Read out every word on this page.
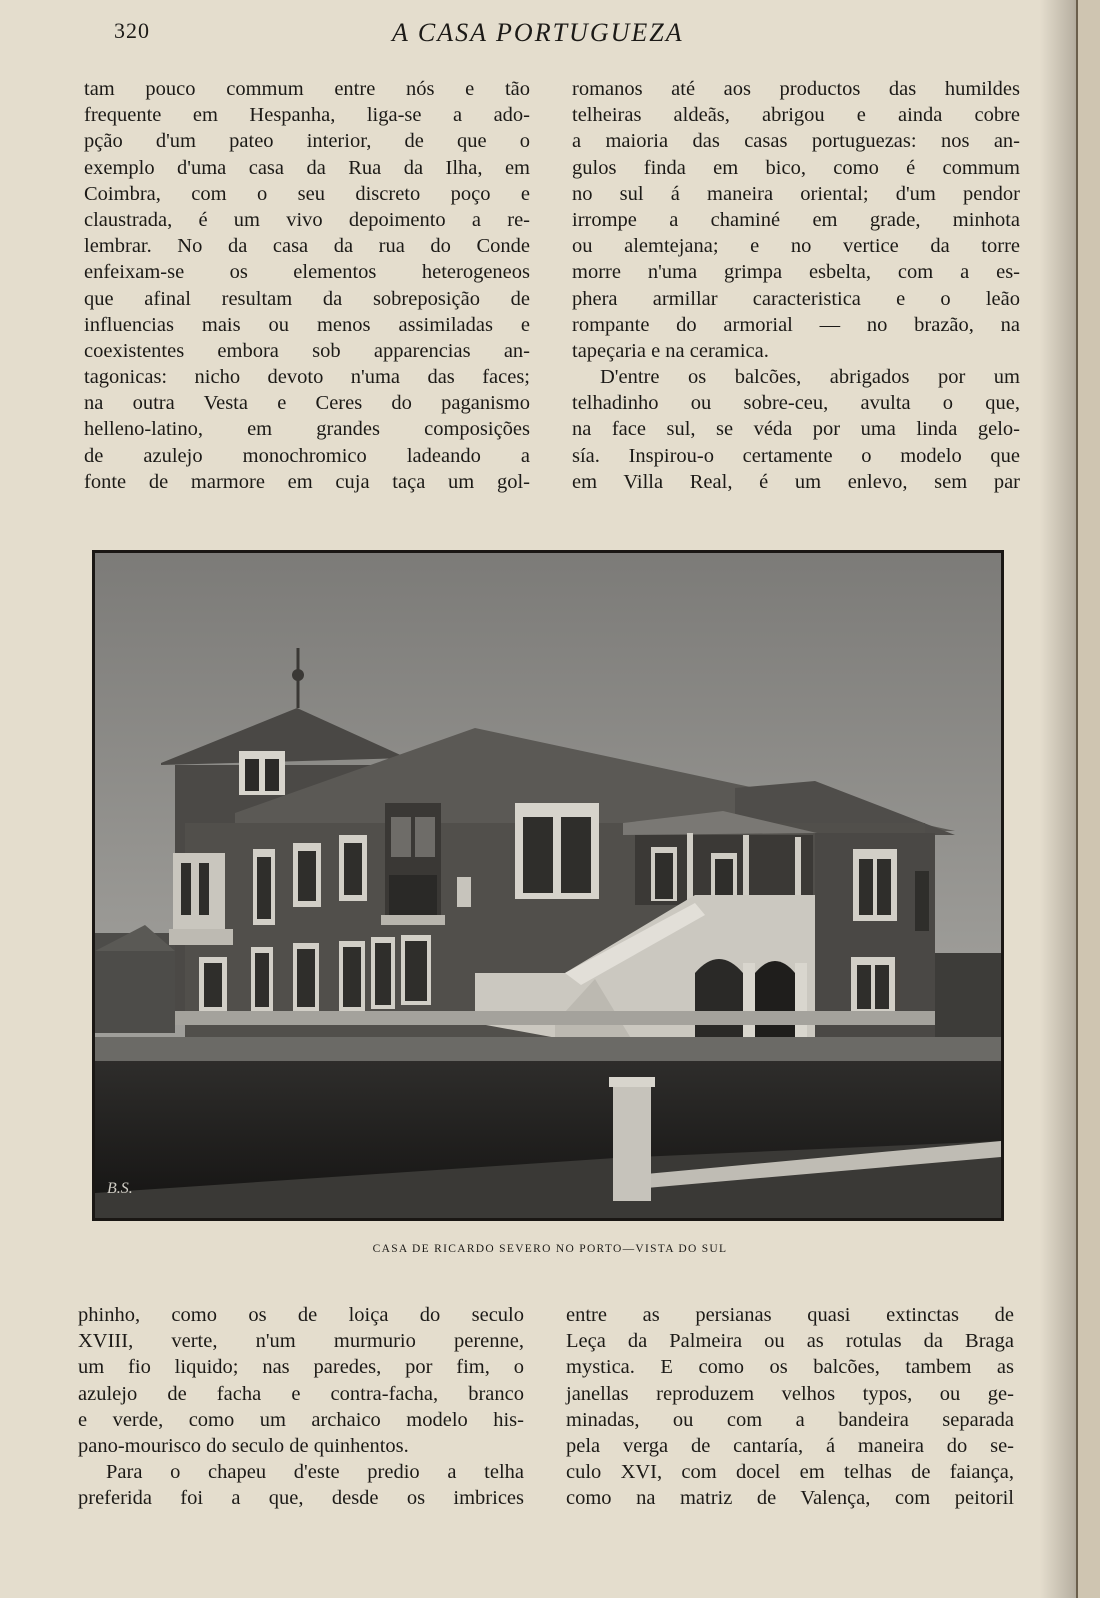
320	A CASA PORTUGUEZA
tam pouco commum entre nós e tão
frequente em Hespanha, liga-se a ado-
pção d'um pateo interior, de que o
exemplo d'uma casa da Rua da Ilha, em
Coimbra, com o seu discreto poço e
claustrada, é um vivo depoimento a re-
lembrar. No da casa da rua do Conde
enfeixam-se os elementos heterogeneos
que afinal resultam da sobreposição de
influencias mais ou menos assimiladas e
coexistentes embora sob apparencias an-
tagonicas: nicho devoto n'uma das faces;
na outra Vesta e Ceres do paganismo
helleno-latino, em grandes composições
de azulejo monochromico ladeando a
fonte de marmore em cuja taça um gol-
romanos até aos productos das humildes
telheiras aldeãs, abrigou e ainda cobre
a maioria das casas portuguezas: nos an-
gulos finda em bico, como é commum
no sul á maneira oriental; d'um pendor
irrompe a chaminé em grade, minhota
ou alemtejana; e no vertice da torre
morre n'uma grimpa esbelta, com a es-
phera armillar caracteristica e o leão
rompante do armorial — no brazão, na
tapeçaria e na ceramica.
D'entre os balcões, abrigados por um
telhadinho ou sobre-ceu, avulta o que,
na face sul, se véda por uma linda gelo-
sía. Inspirou-o certamente o modelo que
em Villa Real, é um enlevo, sem par
B.S.
CASA DE RICARDO SEVERO NO PORTO—VISTA DO SUL
phinho, como os de loiça do seculo
XVIII, verte, n'um murmurio perenne,
um fio liquido; nas paredes, por fim, o
azulejo de facha e contra-facha, branco
e verde, como um archaico modelo his-
pano-mourisco do seculo de quinhentos.
Para o chapeu d'este predio a telha
preferida foi a que, desde os imbrices
entre as persianas quasi extinctas de
Leça da Palmeira ou as rotulas da Braga
mystica. E como os balcões, tambem as
janellas reproduzem velhos typos, ou ge-
minadas, ou com a bandeira separada
pela verga de cantaría, á maneira do se-
culo XVI, com docel em telhas de faiança,
como na matriz de Valença, com peitoril
